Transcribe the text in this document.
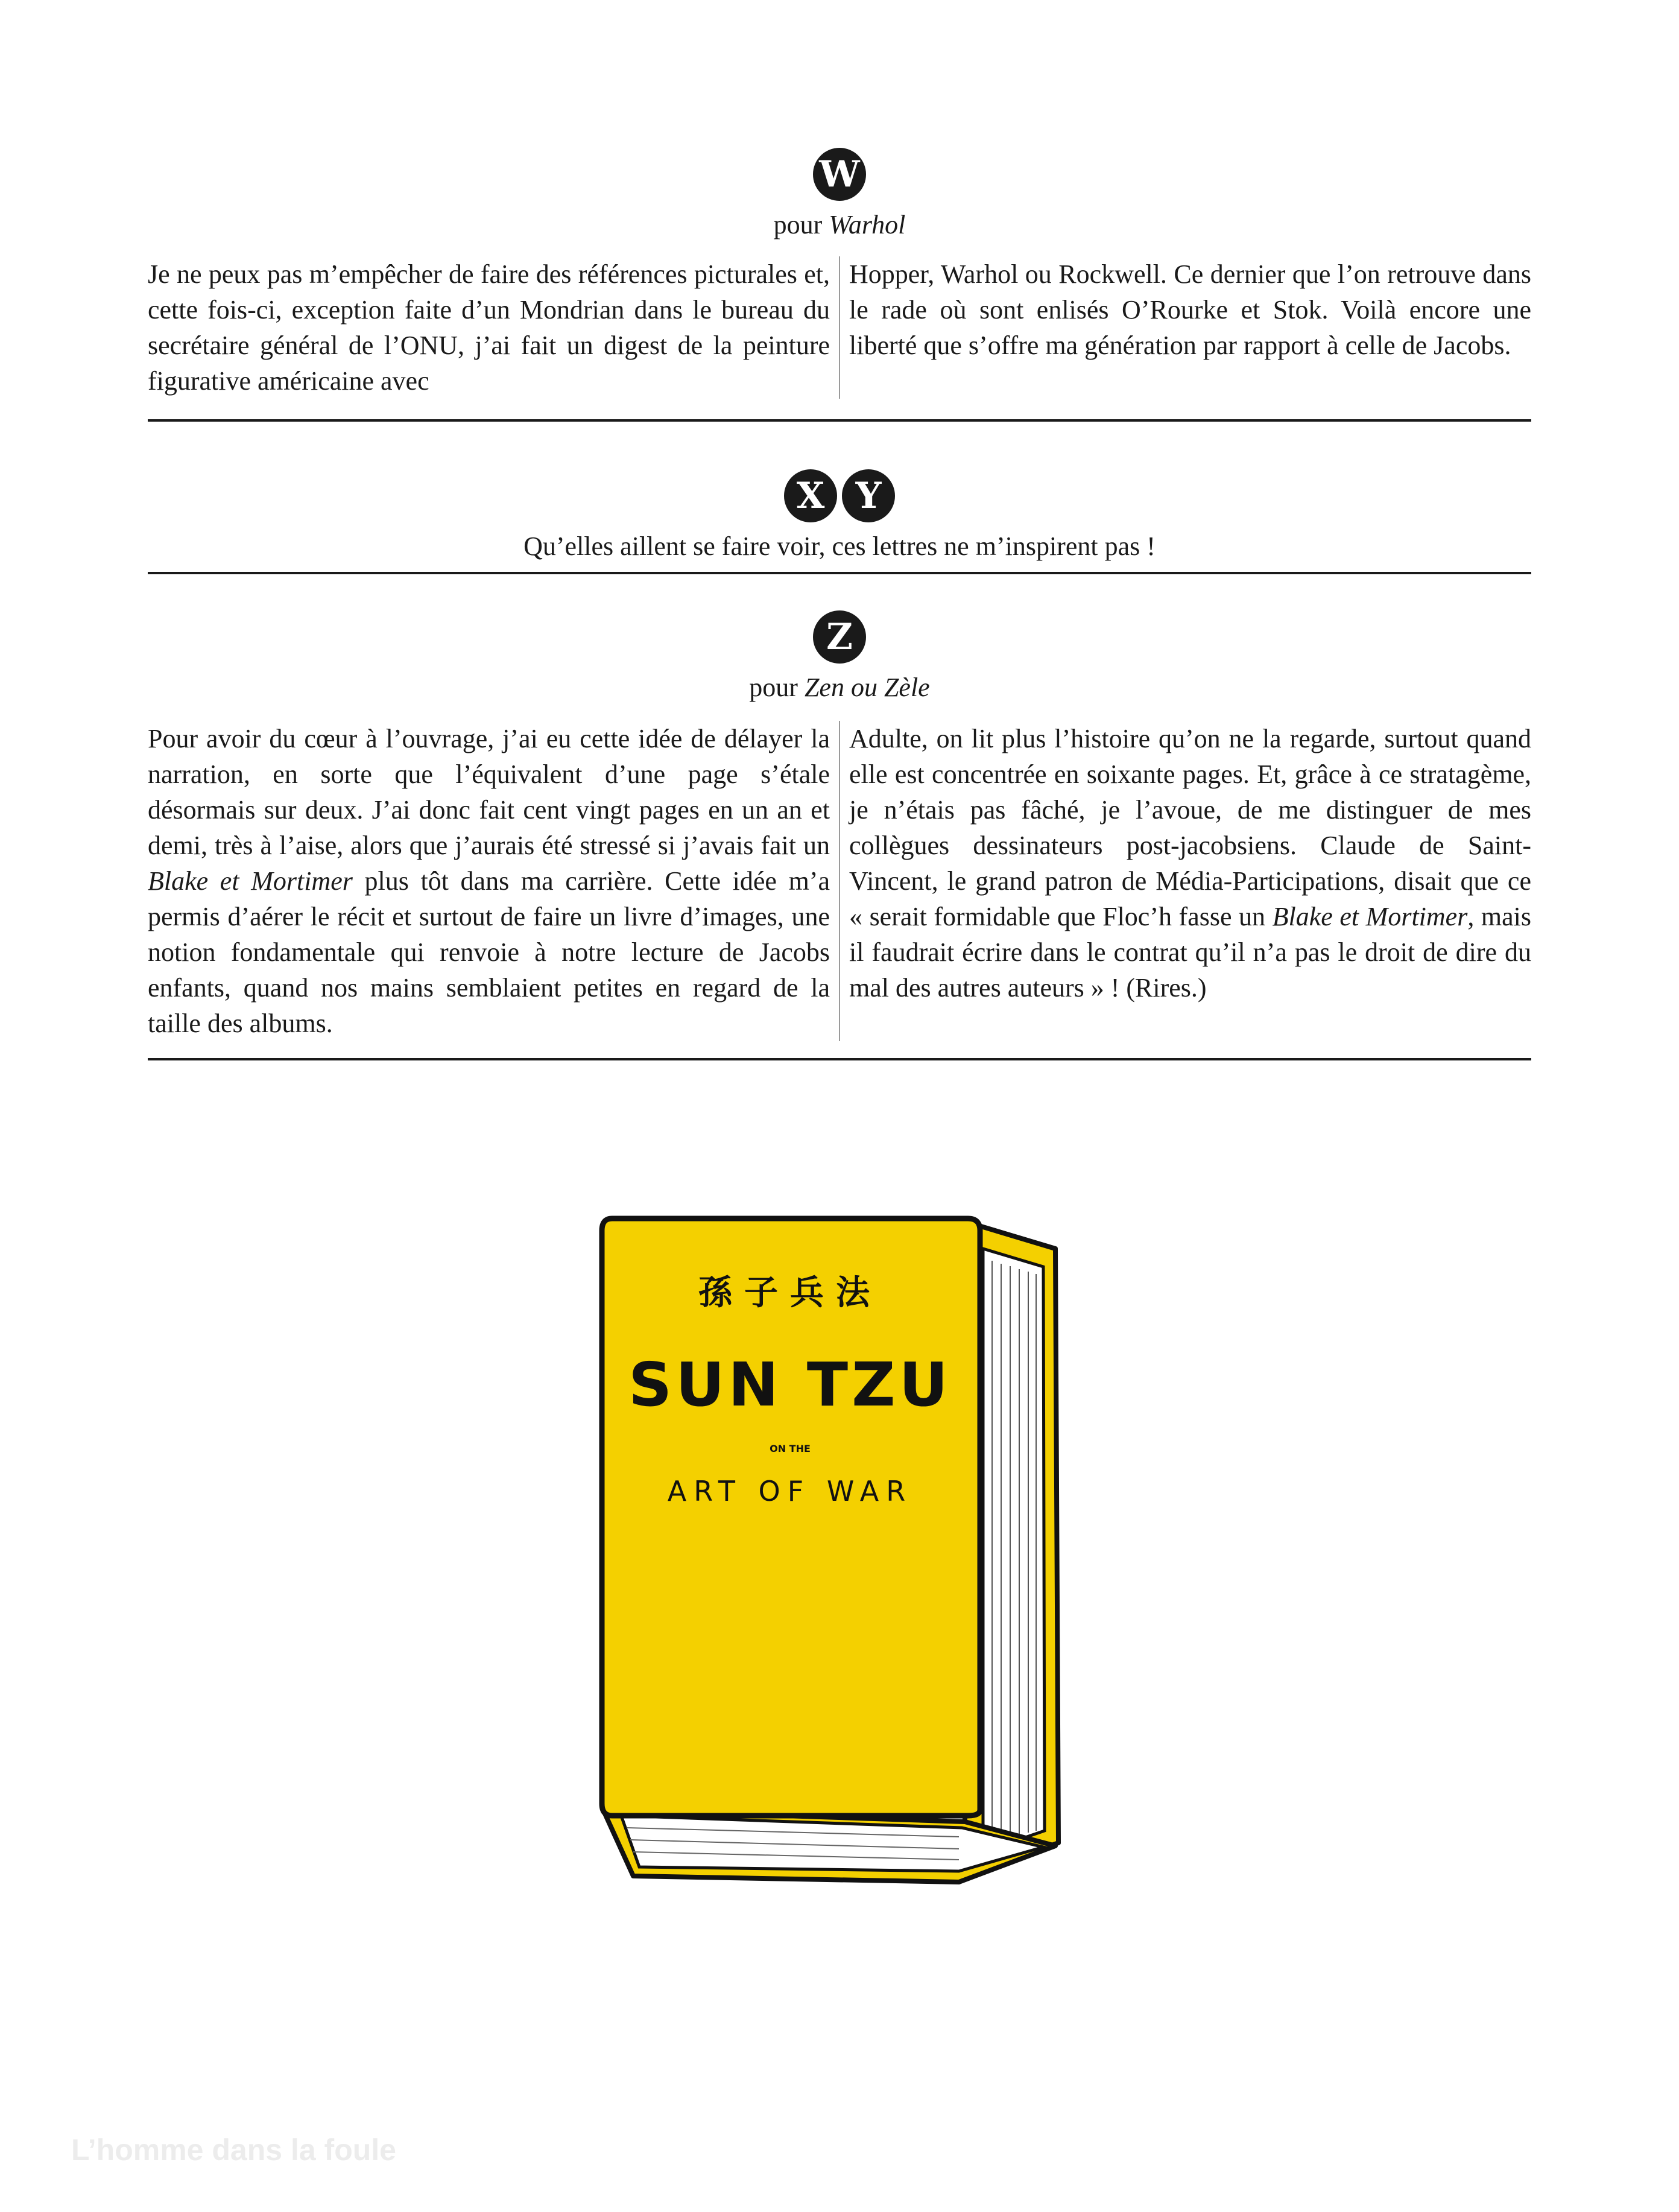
W
pour Warhol
Je ne peux pas m’empêcher de faire des références picturales et, cette fois-ci, exception faite d’un Mondrian dans le bureau du secrétaire général de l’ONU, j’ai fait un digest de la peinture figurative américaine avec
Hopper, Warhol ou Rockwell. Ce dernier que l’on retrouve dans le rade où sont enlisés O’Rourke et Stok. Voilà encore une liberté que s’offre ma génération par rapport à celle de Jacobs.
X Y
Qu’elles aillent se faire voir, ces lettres ne m’inspirent pas !
Z
pour Zen ou Zèle
Pour avoir du cœur à l’ouvrage, j’ai eu cette idée de délayer la narration, en sorte que l’équivalent d’une page s’étale désormais sur deux. J’ai donc fait cent vingt pages en un an et demi, très à l’aise, alors que j’aurais été stressé si j’avais fait un Blake et Mortimer plus tôt dans ma carrière. Cette idée m’a permis d’aérer le récit et surtout de faire un livre d’images, une notion fondamentale qui renvoie à notre lecture de Jacobs enfants, quand nos mains semblaient petites en regard de la taille des albums.
Adulte, on lit plus l’histoire qu’on ne la regarde, surtout quand elle est concentrée en soixante pages. Et, grâce à ce stratagème, je n’étais pas fâché, je l’avoue, de me distinguer de mes collègues dessinateurs post-jacobsiens. Claude de Saint-Vincent, le grand patron de Média-Participations, disait que ce « serait formidable que Floc’h fasse un Blake et Mortimer, mais il faudrait écrire dans le contrat qu’il n’a pas le droit de dire du mal des autres auteurs » ! (Rires.)
孫子兵法
SUN TZU
ON THE
ART OF WAR
L’homme dans la foule
